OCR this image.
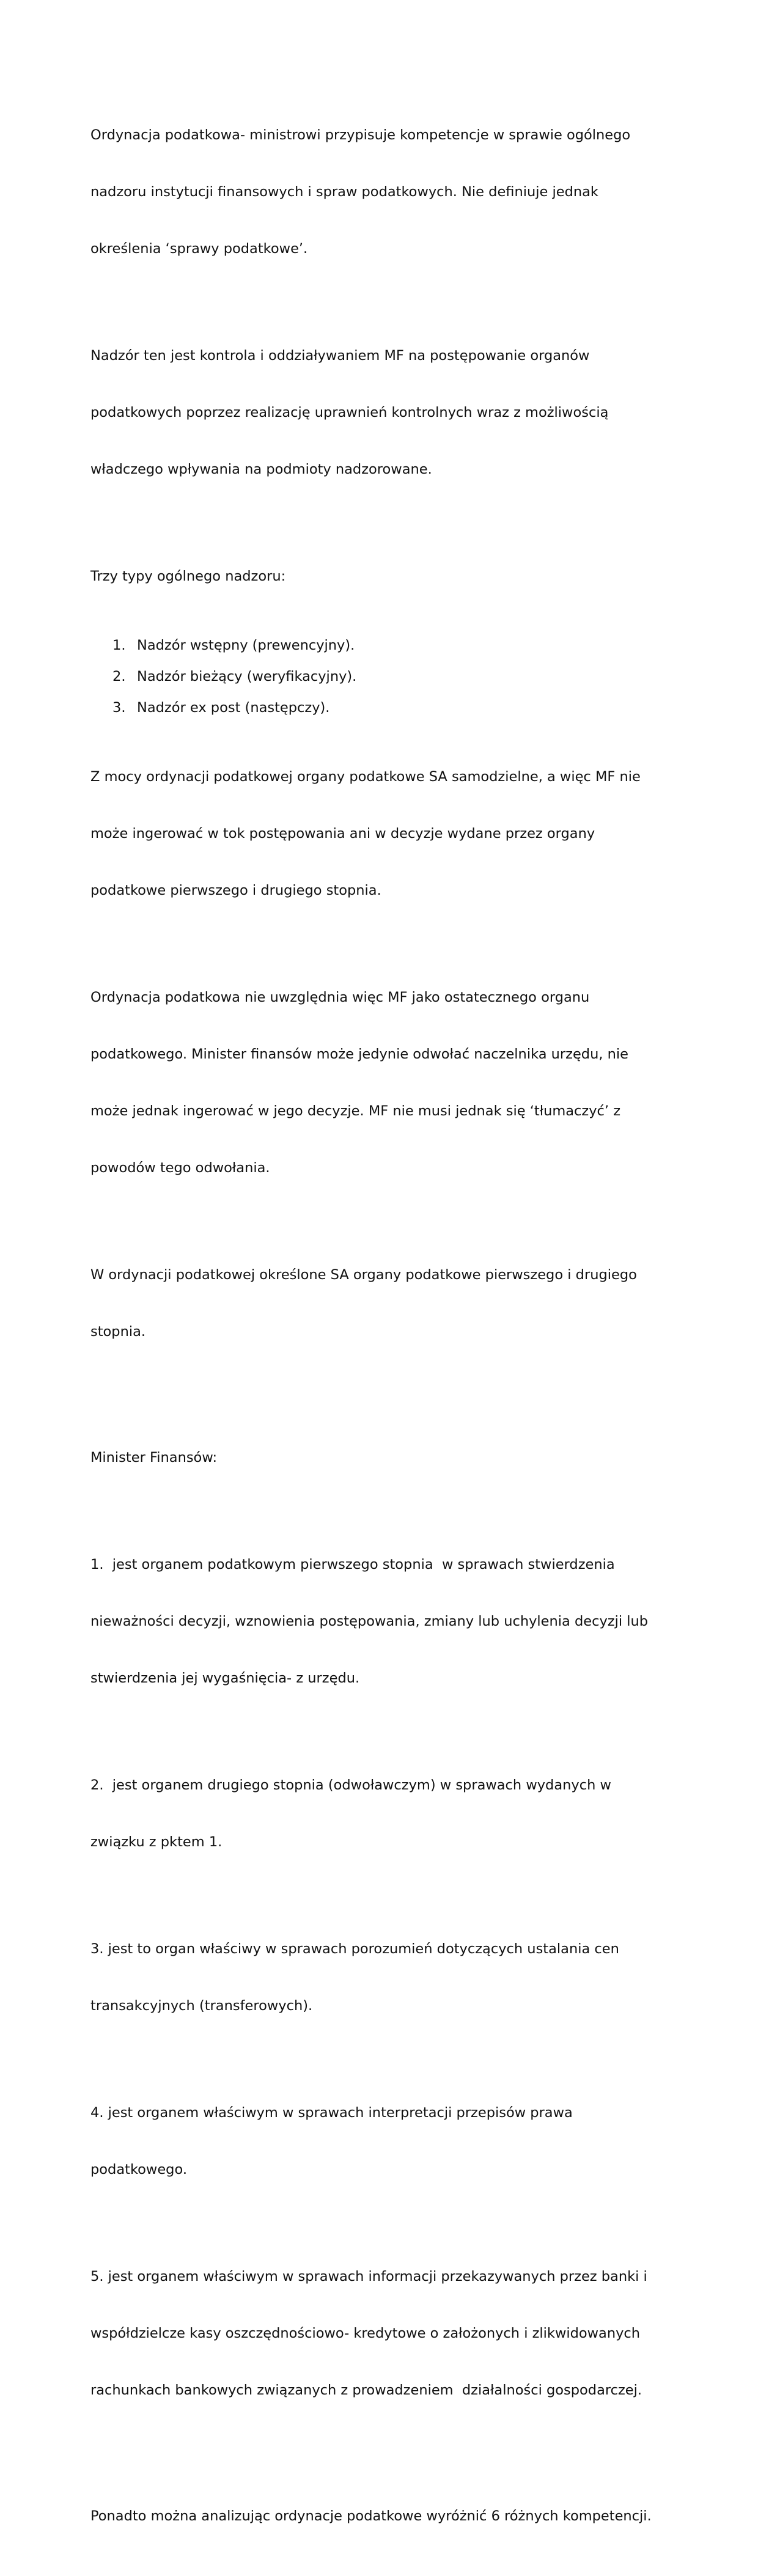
Ordynacja podatkowa- ministrowi przypisuje kompetencje w sprawie ogólnego

nadzoru instytucji finansowych i spraw podatkowych. Nie definiuje jednak

określenia ‘sprawy podatkowe’.

Nadzór ten jest kontrola i oddziaływaniem MF na postępowanie organów

podatkowych poprzez realizację uprawnień kontrolnych wraz z możliwością

władczego wpływania na podmioty nadzorowane.

Trzy typy ogólnego nadzoru:

1. Nadzór wstępny (prewencyjny).
2. Nadzór bieżący (weryfikacyjny).
3. Nadzór ex post (następczy).

Z mocy ordynacji podatkowej organy podatkowe SA samodzielne, a więc MF nie

może ingerować w tok postępowania ani w decyzje wydane przez organy

podatkowe pierwszego i drugiego stopnia.

Ordynacja podatkowa nie uwzględnia więc MF jako ostatecznego organu

podatkowego. Minister finansów może jedynie odwołać naczelnika urzędu, nie

może jednak ingerować w jego decyzje. MF nie musi jednak się ‘tłumaczyć’ z

powodów tego odwołania.

W ordynacji podatkowej określone SA organy podatkowe pierwszego i drugiego

stopnia.

Minister Finansów:

1.  jest organem podatkowym pierwszego stopnia  w sprawach stwierdzenia

nieważności decyzji, wznowienia postępowania, zmiany lub uchylenia decyzji lub

stwierdzenia jej wygaśnięcia- z urzędu.

2.  jest organem drugiego stopnia (odwoławczym) w sprawach wydanych w

związku z pktem 1.

3. jest to organ właściwy w sprawach porozumień dotyczących ustalania cen

transakcyjnych (transferowych).

4. jest organem właściwym w sprawach interpretacji przepisów prawa

podatkowego.

5. jest organem właściwym w sprawach informacji przekazywanych przez banki i

współdzielcze kasy oszczędnościowo- kredytowe o założonych i zlikwidowanych

rachunkach bankowych związanych z prowadzeniem  działalności gospodarczej.

Ponadto można analizując ordynacje podatkowe wyróżnić 6 różnych kompetencji.
